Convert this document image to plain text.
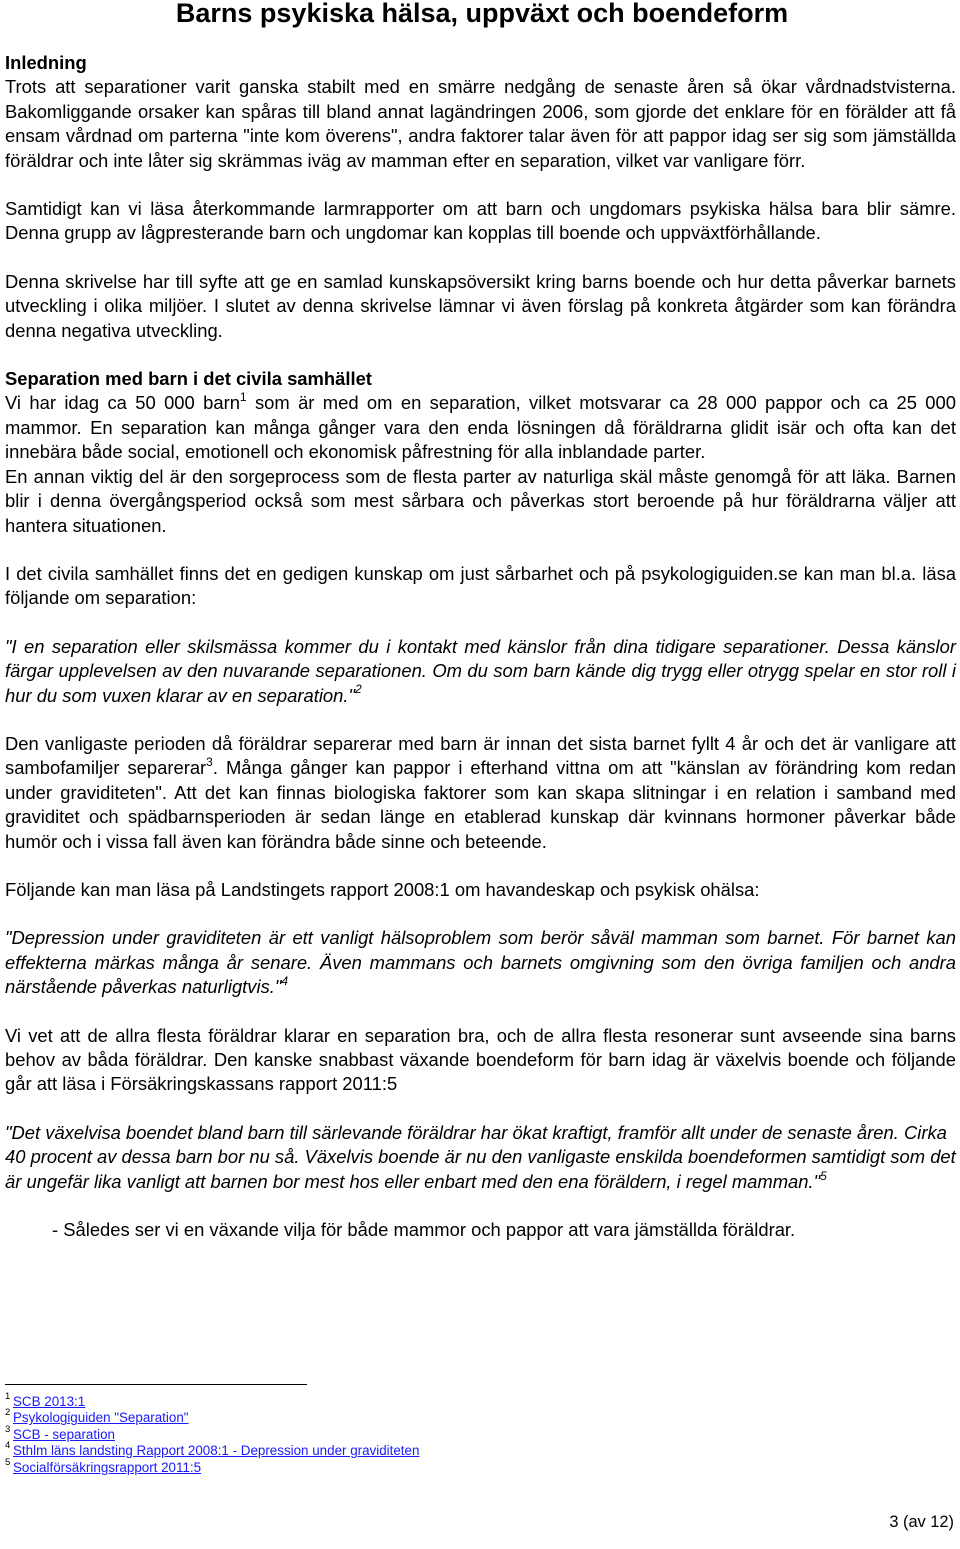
Barns psykiska hälsa, uppväxt och boendeform

Inledning

Trots att separationer varit ganska stabilt med en smärre nedgång de senaste åren så ökar vårdnadstvisterna. Bakomliggande orsaker kan spåras till bland annat lagändringen 2006, som gjorde det enklare för en förälder att få ensam vårdnad om parterna "inte kom överens", andra faktorer talar även för att pappor idag ser sig som jämställda föräldrar och inte låter sig skrämmas iväg av mamman efter en separation, vilket var vanligare förr.

Samtidigt kan vi läsa återkommande larmrapporter om att barn och ungdomars psykiska hälsa bara blir sämre. Denna grupp av lågpresterande barn och ungdomar kan kopplas till boende och uppväxtförhållande.

Denna skrivelse har till syfte att ge en samlad kunskapsöversikt kring barns boende och hur detta påverkar barnets utveckling i olika miljöer. I slutet av denna skrivelse lämnar vi även förslag på konkreta åtgärder som kan förändra denna negativa utveckling.

Separation med barn i det civila samhället

Vi har idag ca 50 000 barn$^1$ som är med om en separation, vilket motsvarar ca 28 000 pappor och ca 25 000 mammor. En separation kan många gånger vara den enda lösningen då föräldrarna glidit isär och ofta kan det innebära både social, emotionell och ekonomisk påfrestning för alla inblandade parter.

En annan viktig del är den sorgeprocess som de flesta parter av naturliga skäl måste genomgå för att läka. Barnen blir i denna övergångsperiod också som mest sårbara och påverkas stort beroende på hur föräldrarna väljer att hantera situationen.

I det civila samhället finns det en gedigen kunskap om just sårbarhet och på psykologiguiden.se kan man bl.a. läsa följande om separation:

"I en separation eller skilsmässa kommer du i kontakt med känslor från dina tidigare separationer. Dessa känslor färgar upplevelsen av den nuvarande separationen. Om du som barn kände dig trygg eller otrygg spelar en stor roll i hur du som vuxen klarar av en separation."$^2$

Den vanligaste perioden då föräldrar separerar med barn är innan det sista barnet fyllt 4 år och det är vanligare att sambofamiljer separerar$^3$. Många gånger kan pappor i efterhand vittna om att "känslan av förändring kom redan under graviditeten". Att det kan finnas biologiska faktorer som kan skapa slitningar i en relation i samband med graviditet och spädbarnsperioden är sedan länge en etablerad kunskap där kvinnans hormoner påverkar både humör och i vissa fall även kan förändra både sinne och beteende.

Följande kan man läsa på Landstingets rapport 2008:1 om havandeskap och psykisk ohälsa:

"Depression under graviditeten är ett vanligt hälsoproblem som berör såväl mamman som barnet. För barnet kan effekterna märkas många år senare. Även mammans och barnets omgivning som den övriga familjen och andra närstående påverkas naturligtvis."$^4$

Vi vet att de allra flesta föräldrar klarar en separation bra, och de allra flesta resonerar sunt avseende sina barns behov av båda föräldrar. Den kanske snabbast växande boendeform för barn idag är växelvis boende och följande går att läsa i Försäkringskassans rapport 2011:5

"Det växelvisa boendet bland barn till särlevande föräldrar har ökat kraftigt, framför allt under de senaste åren. Cirka 40 procent av dessa barn bor nu så. Växelvis boende är nu den vanligaste enskilda boendeformen samtidigt som det är ungefär lika vanligt att barnen bor mest hos eller enbart med den ena föräldern, i regel mamman."$^5$

- Således ser vi en växande vilja för både mammor och pappor att vara jämställda föräldrar.

1 SCB 2013:1
2 Psykologiguiden "Separation"
3 SCB - separation
4 Sthlm läns landsting Rapport 2008:1 - Depression under graviditeten
5 Socialförsäkringsrapport 2011:5
3 (av 12)
